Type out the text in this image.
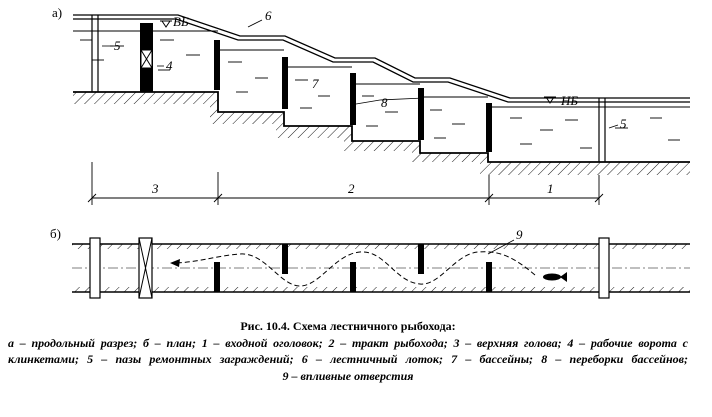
а)
ВБ
НБ
5
6
4
7
8
5
3	2	1
б)	9
Рис. 10.4. Схема лестничного рыбохода:
а – продольный разрез; б – план; 1 – входной оголовок; 2 – тракт рыбохода; 3 – верхняя голова; 4 – рабочие ворота с клинкетами; 5 – пазы ремонтных заграждений; 6 – лестничный лоток; 7 – бассейны; 8 – переборки бассейнов;
9 – впливные отверстия
